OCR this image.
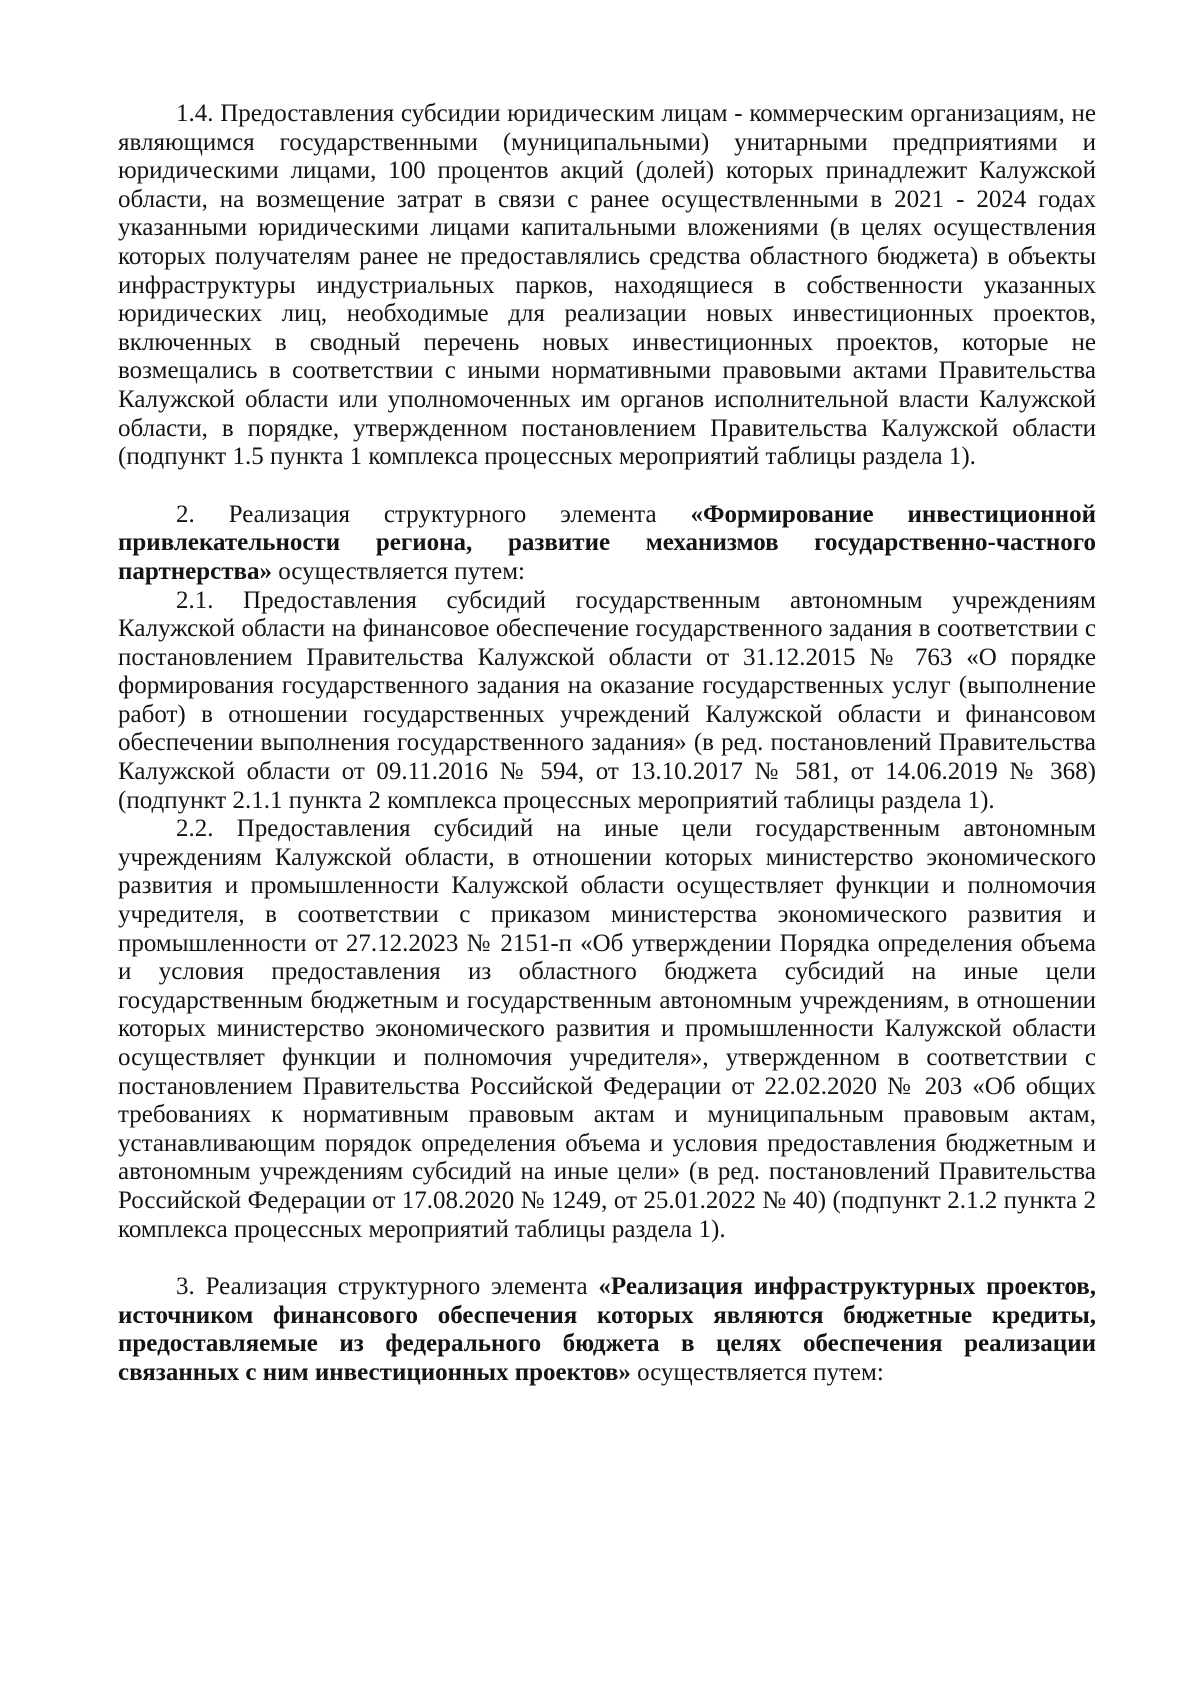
1.4. Предоставления субсидии юридическим лицам - коммерческим организациям, не являющимся государственными (муниципальными) унитарными предприятиями и юридическими лицами, 100 процентов акций (долей) которых принадлежит Калужской области, на возмещение затрат в связи с ранее осуществленными в 2021 - 2024 годах указанными юридическими лицами капитальными вложениями (в целях осуществления которых получателям ранее не предоставлялись средства областного бюджета) в объекты инфраструктуры индустриальных парков, находящиеся в собственности указанных юридических лиц, необходимые для реализации новых инвестиционных проектов, включенных в сводный перечень новых инвестиционных проектов, которые не возмещались в соответствии с иными нормативными правовыми актами Правительства Калужской области или уполномоченных им органов исполнительной власти Калужской области, в порядке, утвержденном постановлением Правительства Калужской области (подпункт 1.5 пункта 1 комплекса процессных мероприятий таблицы раздела 1).

2. Реализация структурного элемента «Формирование инвестиционной привлекательности региона, развитие механизмов государственно-частного партнерства» осуществляется путем:

2.1. Предоставления субсидий государственным автономным учреждениям Калужской области на финансовое обеспечение государственного задания в соответствии с постановлением Правительства Калужской области от 31.12.2015 № 763 «О порядке формирования государственного задания на оказание государственных услуг (выполнение работ) в отношении государственных учреждений Калужской области и финансовом обеспечении выполнения государственного задания» (в ред. постановлений Правительства Калужской области от 09.11.2016 № 594, от 13.10.2017 № 581, от 14.06.2019 № 368) (подпункт 2.1.1 пункта 2 комплекса процессных мероприятий таблицы раздела 1).

2.2. Предоставления субсидий на иные цели государственным автономным учреждениям Калужской области, в отношении которых министерство экономического развития и промышленности Калужской области осуществляет функции и полномочия учредителя, в соответствии с приказом министерства экономического развития и промышленности от 27.12.2023 № 2151-п «Об утверждении Порядка определения объема и условия предоставления из областного бюджета субсидий на иные цели государственным бюджетным и государственным автономным учреждениям, в отношении которых министерство экономического развития и промышленности Калужской области осуществляет функции и полномочия учредителя», утвержденном в соответствии с постановлением Правительства Российской Федерации от 22.02.2020 № 203 «Об общих требованиях к нормативным правовым актам и муниципальным правовым актам, устанавливающим порядок определения объема и условия предоставления бюджетным и автономным учреждениям субсидий на иные цели» (в ред. постановлений Правительства Российской Федерации от 17.08.2020 № 1249, от 25.01.2022 № 40) (подпункт 2.1.2 пункта 2 комплекса процессных мероприятий таблицы раздела 1).

3. Реализация структурного элемента «Реализация инфраструктурных проектов, источником финансового обеспечения которых являются бюджетные кредиты, предоставляемые из федерального бюджета в целях обеспечения реализации связанных с ним инвестиционных проектов» осуществляется путем:
